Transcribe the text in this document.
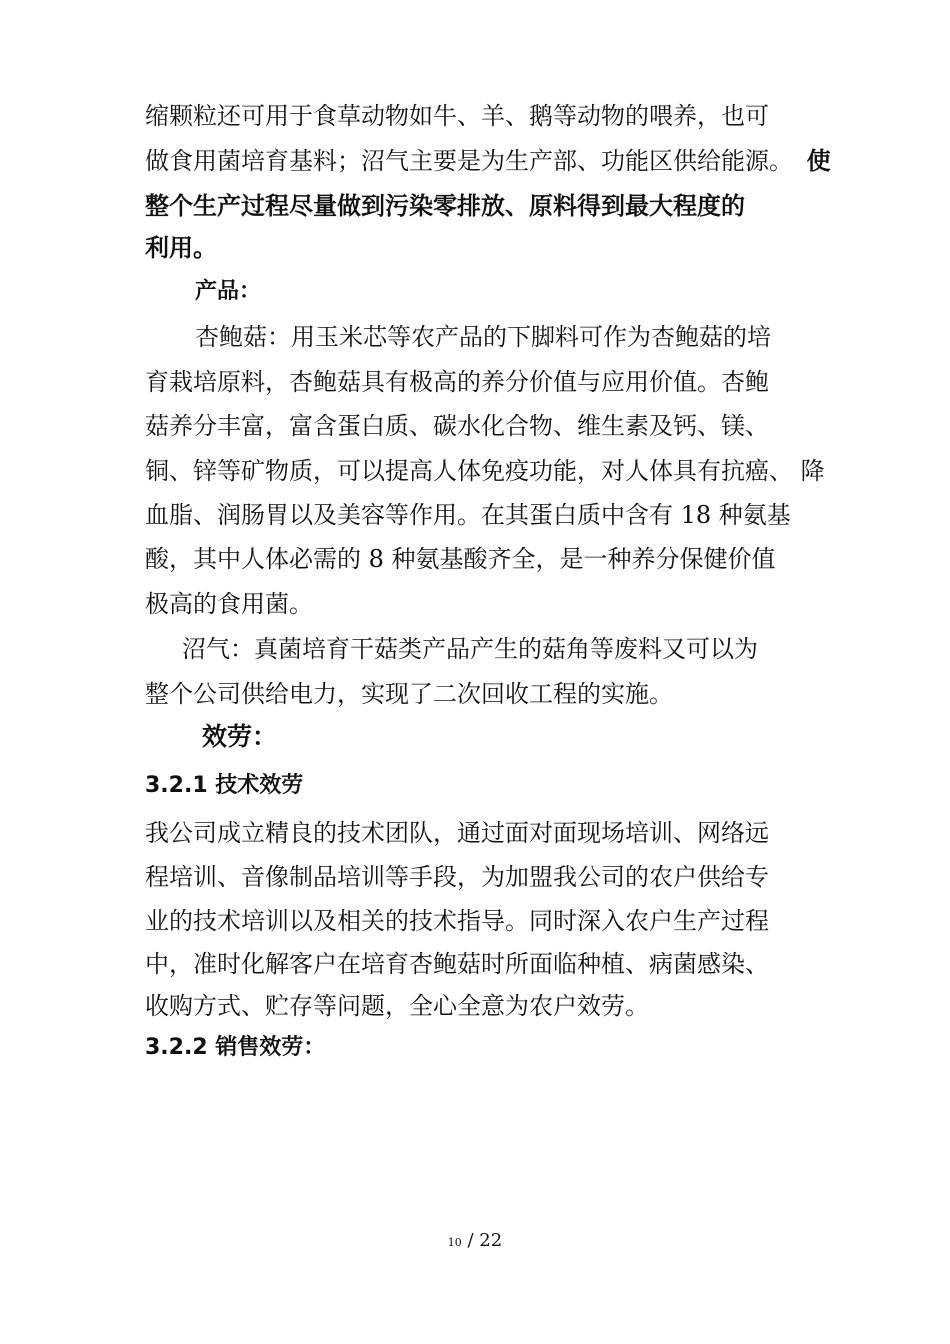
缩颗粒还可用于食草动物如牛、羊、鹅等动物的喂养，也可
做食用菌培育基料；沼气主要是为生产部、功能区供给能源。 使
整个生产过程尽量做到污染零排放、原料得到最大程度的
利用。
产品：
杏鲍菇：用玉米芯等农产品的下脚料可作为杏鲍菇的培
育栽培原料，杏鲍菇具有极高的养分价值与应用价值。杏鲍
菇养分丰富，富含蛋白质、碳水化合物、维生素及钙、镁、
铜、锌等矿物质，可以提高人体免疫功能，对人体具有抗癌、 降
血脂、润肠胃以及美容等作用。在其蛋白质中含有 18 种氨基
酸，其中人体必需的 8 种氨基酸齐全，是一种养分保健价值
极高的食用菌。
沼气：真菌培育干菇类产品产生的菇角等废料又可以为
整个公司供给电力，实现了二次回收工程的实施。
效劳：
3.2.1 技术效劳
我公司成立精良的技术团队，通过面对面现场培训、网络远
程培训、音像制品培训等手段，为加盟我公司的农户供给专
业的技术培训以及相关的技术指导。同时深入农户生产过程
中，准时化解客户在培育杏鲍菇时所面临种植、病菌感染、
收购方式、贮存等问题，全心全意为农户效劳。
3.2.2 销售效劳：
10 / 22
